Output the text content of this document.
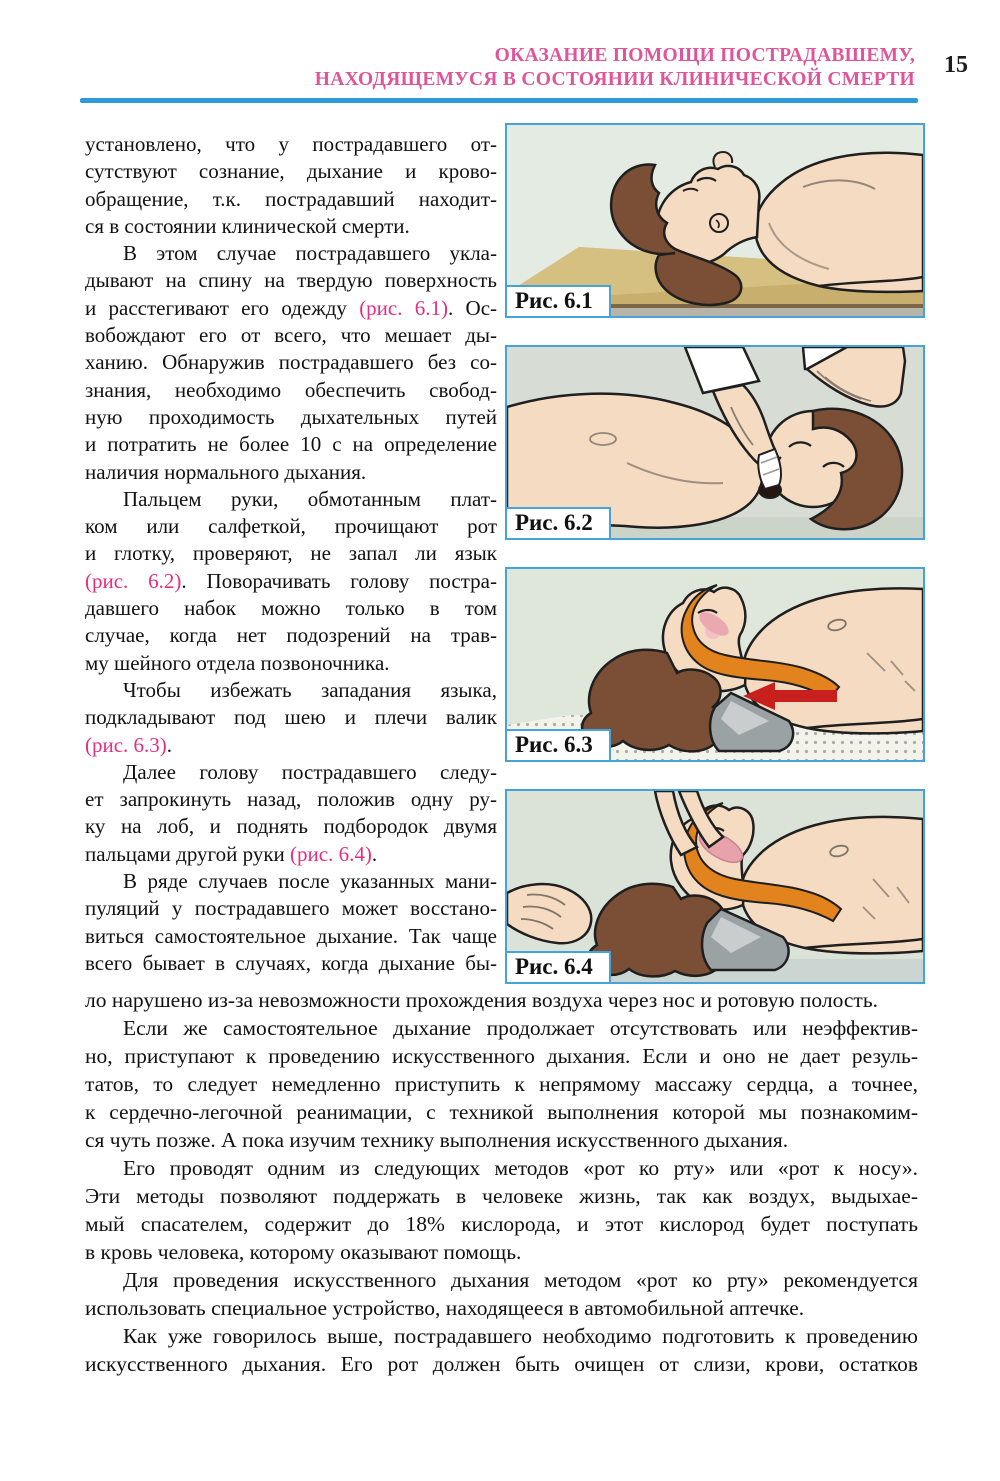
ОКАЗАНИЕ ПОМОЩИ ПОСТРАДАВШЕМУ,
НАХОДЯЩЕМУСЯ В СОСТОЯНИИ КЛИНИЧЕСКОЙ СМЕРТИ
15
установлено, что у пострадавшего от-
сутствуют сознание, дыхание и крово-
обращение, т.к. пострадавший находит-
ся в состоянии клинической смерти.
В этом случае пострадавшего укла-
дывают на спину на твердую поверхность
и расстегивают его одежду (рис. 6.1). Ос-
вобождают его от всего, что мешает ды-
ханию. Обнаружив пострадавшего без со-
знания, необходимо обеспечить свобод-
ную проходимость дыхательных путей
и потратить не более 10 с на определение
наличия нормального дыхания.
Пальцем руки, обмотанным плат-
ком или салфеткой, прочищают рот
и глотку, проверяют, не запал ли язык
(рис. 6.2). Поворачивать голову постра-
давшего набок можно только в том
случае, когда нет подозрений на трав-
му шейного отдела позвоночника.
Чтобы избежать западания языка,
подкладывают под шею и плечи валик
(рис. 6.3).
Далее голову пострадавшего следу-
ет запрокинуть назад, положив одну ру-
ку на лоб, и поднять подбородок двумя
пальцами другой руки (рис. 6.4).
В ряде случаев после указанных мани-
пуляций у пострадавшего может восстано-
виться самостоятельное дыхание. Так чаще
всего бывает в случаях, когда дыхание бы-
Рис. 6.1
Рис. 6.2
Рис. 6.3
Рис. 6.4
ло нарушено из-за невозможности прохождения воздуха через нос и ротовую полость.
Если же самостоятельное дыхание продолжает отсутствовать или неэффектив-
но, приступают к проведению искусственного дыхания. Если и оно не дает резуль-
татов, то следует немедленно приступить к непрямому массажу сердца, а точнее,
к сердечно-легочной реанимации, с техникой выполнения которой мы познакомим-
ся чуть позже. А пока изучим технику выполнения искусственного дыхания.
Его проводят одним из следующих методов «рот ко рту» или «рот к носу».
Эти методы позволяют поддержать в человеке жизнь, так как воздух, выдыхае-
мый спасателем, содержит до 18% кислорода, и этот кислород будет поступать
в кровь человека, которому оказывают помощь.
Для проведения искусственного дыхания методом «рот ко рту» рекомендуется
использовать специальное устройство, находящееся в автомобильной аптечке.
Как уже говорилось выше, пострадавшего необходимо подготовить к проведению
искусственного дыхания. Его рот должен быть очищен от слизи, крови, остатков
